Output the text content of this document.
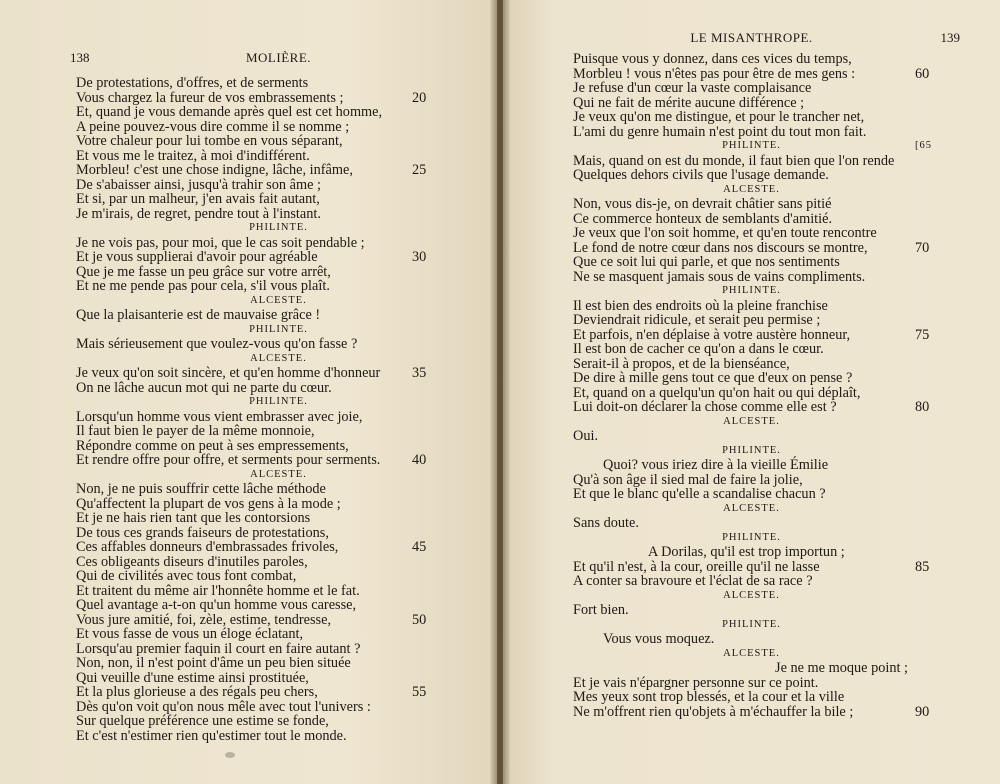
138	MOLIÈRE.
De protestations, d'offres, et de serments
Vous chargez la fureur de vos embrassements ;	20
Et, quand je vous demande après quel est cet homme,
A peine pouvez-vous dire comme il se nomme ;
Votre chaleur pour lui tombe en vous séparant,
Et vous me le traitez, à moi d'indifférent.
Morbleu! c'est une chose indigne, lâche, infâme,	25
De s'abaisser ainsi, jusqu'à trahir son âme ;
Et si, par un malheur, j'en avais fait autant,
Je m'irais, de regret, pendre tout à l'instant.
PHILINTE.
Je ne vois pas, pour moi, que le cas soit pendable ;
Et je vous supplierai d'avoir pour agréable	30
Que je me fasse un peu grâce sur votre arrêt,
Et ne me pende pas pour cela, s'il vous plaît.
ALCESTE.
Que la plaisanterie est de mauvaise grâce !
PHILINTE.
Mais sérieusement que voulez-vous qu'on fasse ?
ALCESTE.
Je veux qu'on soit sincère, et qu'en homme d'honneur 35
On ne lâche aucun mot qui ne parte du cœur.
PHILINTE.
Lorsqu'un homme vous vient embrasser avec joie,
Il faut bien le payer de la même monnoie,
Répondre comme on peut à ses empressements,
Et rendre offre pour offre, et serments pour serments. 40
ALCESTE.
Non, je ne puis souffrir cette lâche méthode
Qu'affectent la plupart de vos gens à la mode ;
Et je ne hais rien tant que les contorsions
De tous ces grands faiseurs de protestations,
Ces affables donneurs d'embrassades frivoles,	45
Ces obligeants diseurs d'inutiles paroles,
Qui de civilités avec tous font combat,
Et traitent du même air l'honnête homme et le fat.
Quel avantage a-t-on qu'un homme vous caresse,
Vous jure amitié, foi, zèle, estime, tendresse,	50
Et vous fasse de vous un éloge éclatant,
Lorsqu'au premier faquin il court en faire autant ?
Non, non, il n'est point d'âme un peu bien située
Qui veuille d'une estime ainsi prostituée,
Et la plus glorieuse a des régals peu chers,	55
Dès qu'on voit qu'on nous mêle avec tout l'univers :
Sur quelque préférence une estime se fonde,
Et c'est n'estimer rien qu'estimer tout le monde.
LE MISANTHROPE.	139
Puisque vous y donnez, dans ces vices du temps,
Morbleu ! vous n'êtes pas pour être de mes gens :	60
Je refuse d'un cœur la vaste complaisance
Qui ne fait de mérite aucune différence ;
Je veux qu'on me distingue, et pour le trancher net,
L'ami du genre humain n'est point du tout mon fait.
PHILINTE.	[65
Mais, quand on est du monde, il faut bien que l'on rende
Quelques dehors civils que l'usage demande.
ALCESTE.
Non, vous dis-je, on devrait châtier sans pitié
Ce commerce honteux de semblants d'amitié.
Je veux que l'on soit homme, et qu'en toute rencontre
Le fond de notre cœur dans nos discours se montre,	70
Que ce soit lui qui parle, et que nos sentiments
Ne se masquent jamais sous de vains compliments.
PHILINTE.
Il est bien des endroits où la pleine franchise
Deviendrait ridicule, et serait peu permise ;
Et parfois, n'en déplaise à votre austère honneur,	75
Il est bon de cacher ce qu'on a dans le cœur.
Serait-il à propos, et de la bienséance,
De dire à mille gens tout ce que d'eux on pense ?
Et, quand on a quelqu'un qu'on hait ou qui déplaît,
Lui doit-on déclarer la chose comme elle est ?	80
ALCESTE.
Oui.
PHILINTE.
Quoi? vous iriez dire à la vieille Émilie
Qu'à son âge il sied mal de faire la jolie,
Et que le blanc qu'elle a scandalise chacun ?
ALCESTE.
Sans doute.
PHILINTE.
A Dorilas, qu'il est trop importun ;
Et qu'il n'est, à la cour, oreille qu'il ne lasse	85
A conter sa bravoure et l'éclat de sa race ?
ALCESTE.
Fort bien.
PHILINTE.
Vous vous moquez.
ALCESTE.
Je ne me moque point ;
Et je vais n'épargner personne sur ce point.
Mes yeux sont trop blessés, et la cour et la ville
Ne m'offrent rien qu'objets à m'échauffer la bile ;	90
